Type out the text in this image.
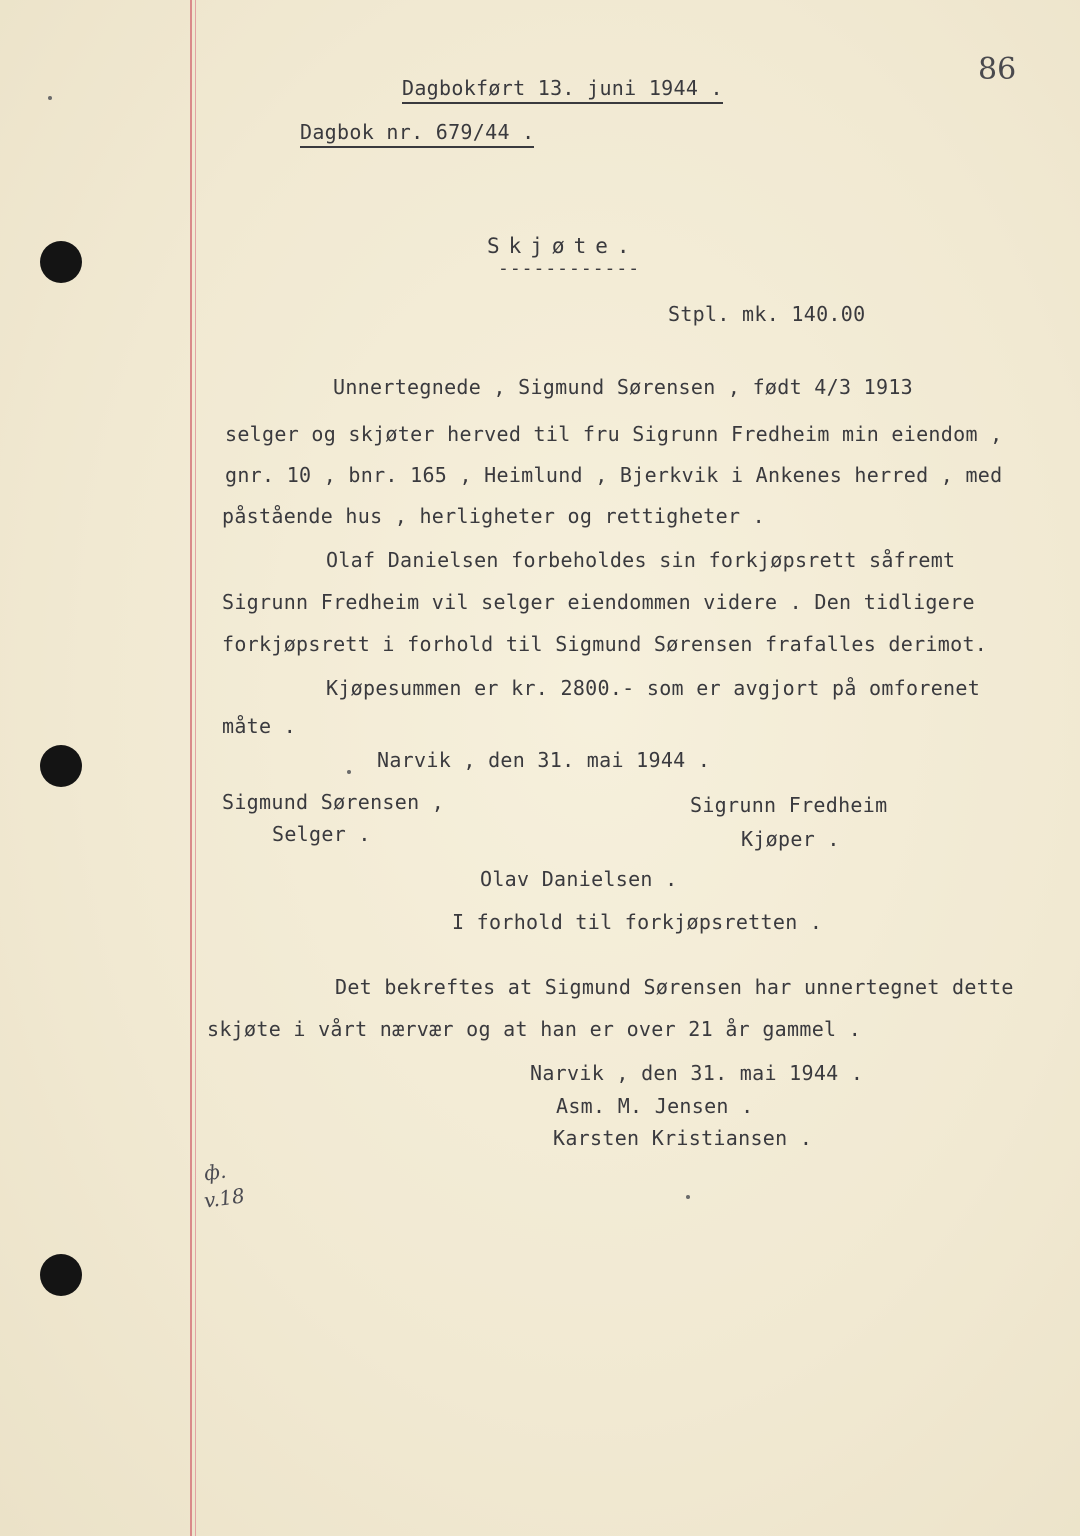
86
Dagbokført 13. juni 1944 .
Dagbok nr. 679/44 .
Skjøte.
------------
Stpl. mk. 140.00
Unnertegnede , Sigmund Sørensen , født 4/3 1913
selger og skjøter herved til fru Sigrunn Fredheim min eiendom ,
gnr. 10 , bnr. 165 , Heimlund , Bjerkvik i Ankenes herred , med
påstående hus , herligheter og rettigheter .
Olaf Danielsen forbeholdes sin forkjøpsrett såfremt
Sigrunn Fredheim vil selger eiendommen videre . Den tidligere
forkjøpsrett i forhold til Sigmund Sørensen frafalles derimot.
Kjøpesummen er kr. 2800.- som er avgjort på omforenet
måte .
Narvik , den 31. mai 1944 .
Sigmund Sørensen ,
Selger .
Sigrunn Fredheim
Kjøper .
Olav Danielsen .
I forhold til forkjøpsretten .
Det bekreftes at Sigmund Sørensen har unnertegnet dette
skjøte i vårt nærvær og at han er over 21 år gammel .
Narvik , den 31. mai 1944 .
Asm. M. Jensen .
Karsten Kristiansen .
ф.
v.18
